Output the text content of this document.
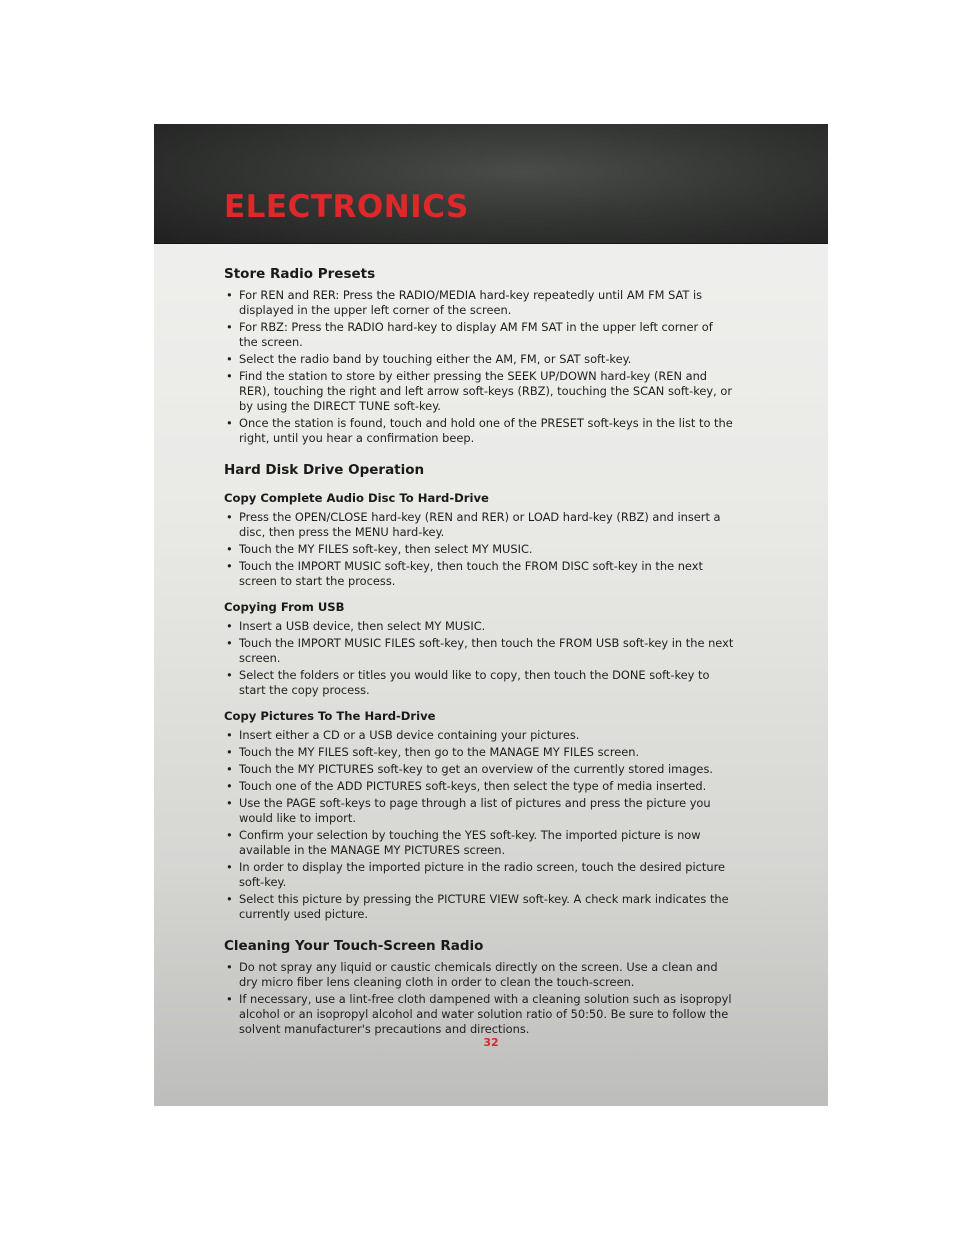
ELECTRONICS
Store Radio Presets
• For REN and RER: Press the RADIO/MEDIA hard-key repeatedly until AM FM SAT is displayed in the upper left corner of the screen.
• For RBZ: Press the RADIO hard-key to display AM FM SAT in the upper left corner of the screen.
• Select the radio band by touching either the AM, FM, or SAT soft-key.
• Find the station to store by either pressing the SEEK UP/DOWN hard-key (REN and RER), touching the right and left arrow soft-keys (RBZ), touching the SCAN soft-key, or by using the DIRECT TUNE soft-key.
• Once the station is found, touch and hold one of the PRESET soft-keys in the list to the right, until you hear a confirmation beep.
Hard Disk Drive Operation
Copy Complete Audio Disc To Hard-Drive
• Press the OPEN/CLOSE hard-key (REN and RER) or LOAD hard-key (RBZ) and insert a disc, then press the MENU hard-key.
• Touch the MY FILES soft-key, then select MY MUSIC.
• Touch the IMPORT MUSIC soft-key, then touch the FROM DISC soft-key in the next screen to start the process.
Copying From USB
• Insert a USB device, then select MY MUSIC.
• Touch the IMPORT MUSIC FILES soft-key, then touch the FROM USB soft-key in the next screen.
• Select the folders or titles you would like to copy, then touch the DONE soft-key to start the copy process.
Copy Pictures To The Hard-Drive
• Insert either a CD or a USB device containing your pictures.
• Touch the MY FILES soft-key, then go to the MANAGE MY FILES screen.
• Touch the MY PICTURES soft-key to get an overview of the currently stored images.
• Touch one of the ADD PICTURES soft-keys, then select the type of media inserted.
• Use the PAGE soft-keys to page through a list of pictures and press the picture you would like to import.
• Confirm your selection by touching the YES soft-key. The imported picture is now available in the MANAGE MY PICTURES screen.
• In order to display the imported picture in the radio screen, touch the desired picture soft-key.
• Select this picture by pressing the PICTURE VIEW soft-key. A check mark indicates the currently used picture.
Cleaning Your Touch-Screen Radio
• Do not spray any liquid or caustic chemicals directly on the screen. Use a clean and dry micro fiber lens cleaning cloth in order to clean the touch-screen.
• If necessary, use a lint-free cloth dampened with a cleaning solution such as isopropyl alcohol or an isopropyl alcohol and water solution ratio of 50:50. Be sure to follow the solvent manufacturer's precautions and directions.
32
